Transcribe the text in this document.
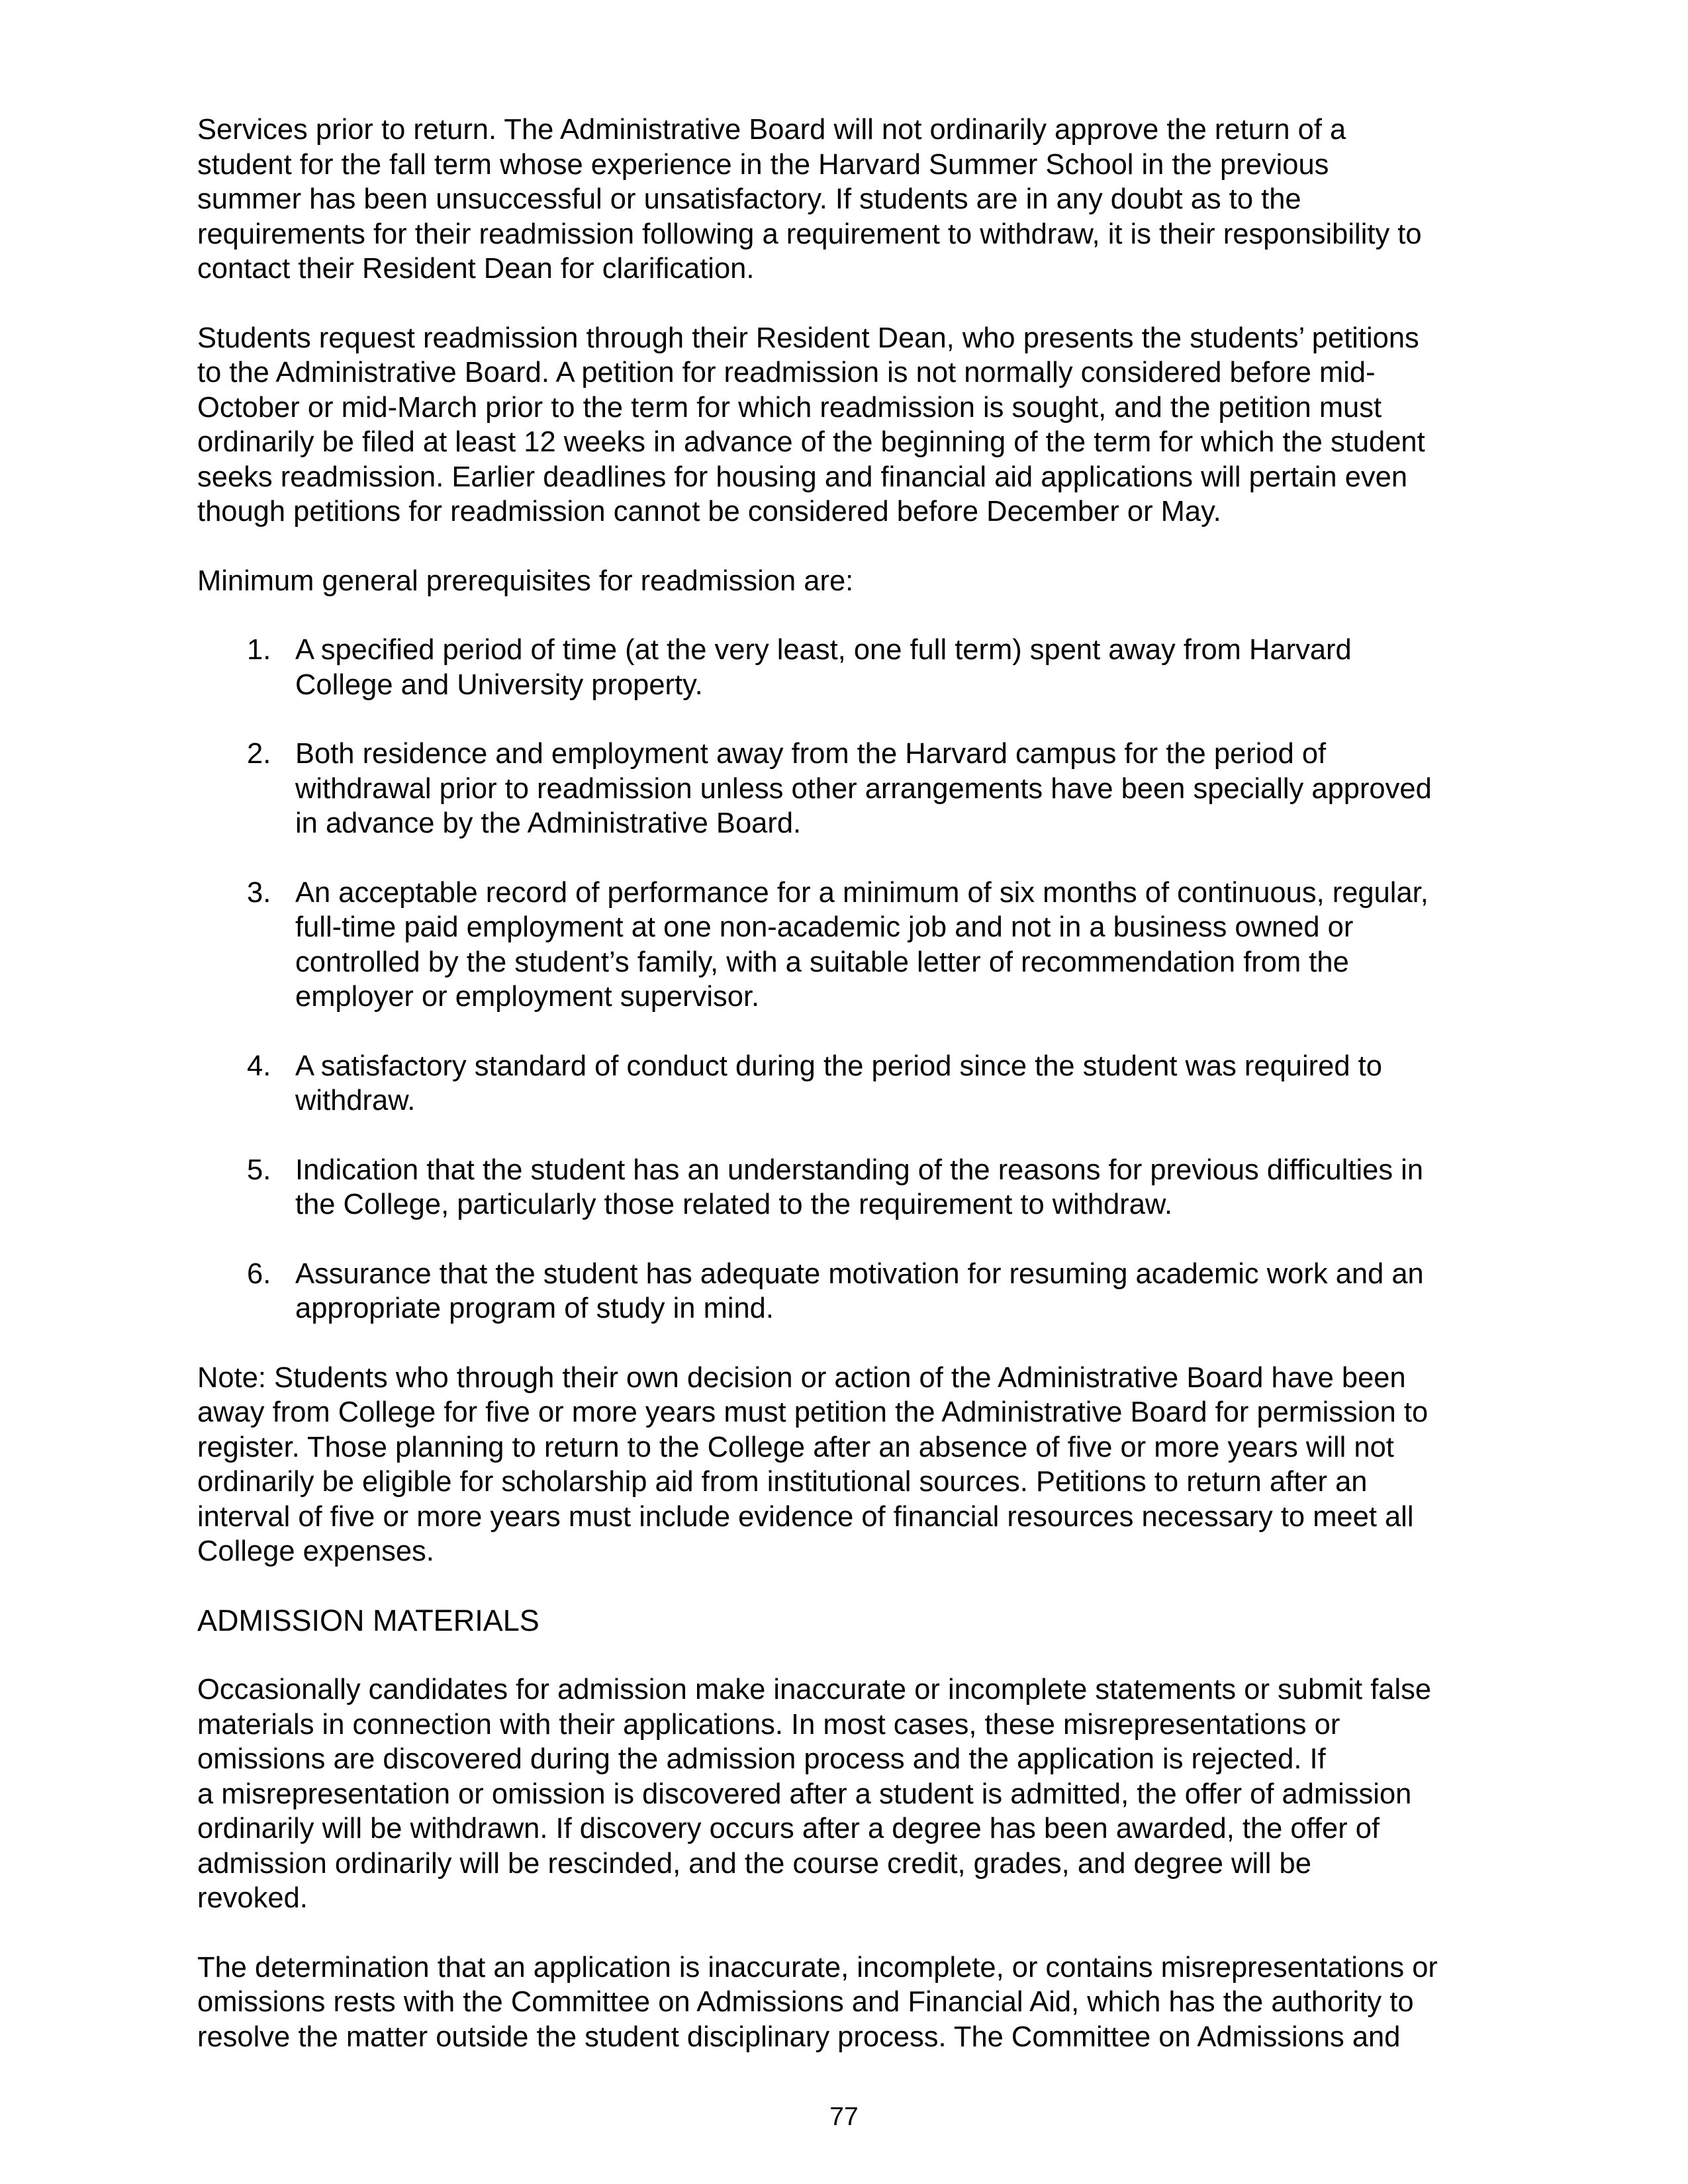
Services prior to return. The Administrative Board will not ordinarily approve the return of a
student for the fall term whose experience in the Harvard Summer School in the previous
summer has been unsuccessful or unsatisfactory. If students are in any doubt as to the
requirements for their readmission following a requirement to withdraw, it is their responsibility to
contact their Resident Dean for clarification.

Students request readmission through their Resident Dean, who presents the students’ petitions
to the Administrative Board. A petition for readmission is not normally considered before mid-
October or mid-March prior to the term for which readmission is sought, and the petition must
ordinarily be filed at least 12 weeks in advance of the beginning of the term for which the student
seeks readmission. Earlier deadlines for housing and financial aid applications will pertain even
though petitions for readmission cannot be considered before December or May.

Minimum general prerequisites for readmission are:

1. A specified period of time (at the very least, one full term) spent away from Harvard
College and University property.
2. Both residence and employment away from the Harvard campus for the period of
withdrawal prior to readmission unless other arrangements have been specially approved
in advance by the Administrative Board.
3. An acceptable record of performance for a minimum of six months of continuous, regular,
full-time paid employment at one non-academic job and not in a business owned or
controlled by the student’s family, with a suitable letter of recommendation from the
employer or employment supervisor.
4. A satisfactory standard of conduct during the period since the student was required to
withdraw.
5. Indication that the student has an understanding of the reasons for previous difficulties in
the College, particularly those related to the requirement to withdraw.
6. Assurance that the student has adequate motivation for resuming academic work and an
appropriate program of study in mind.

Note: Students who through their own decision or action of the Administrative Board have been
away from College for five or more years must petition the Administrative Board for permission to
register. Those planning to return to the College after an absence of five or more years will not
ordinarily be eligible for scholarship aid from institutional sources. Petitions to return after an
interval of five or more years must include evidence of financial resources necessary to meet all
College expenses.

ADMISSION MATERIALS

Occasionally candidates for admission make inaccurate or incomplete statements or submit false
materials in connection with their applications. In most cases, these misrepresentations or
omissions are discovered during the admission process and the application is rejected. If
a misrepresentation or omission is discovered after a student is admitted, the offer of admission
ordinarily will be withdrawn. If discovery occurs after a degree has been awarded, the offer of
admission ordinarily will be rescinded, and the course credit, grades, and degree will be
revoked.

The determination that an application is inaccurate, incomplete, or contains misrepresentations or
omissions rests with the Committee on Admissions and Financial Aid, which has the authority to
resolve the matter outside the student disciplinary process. The Committee on Admissions and

77
